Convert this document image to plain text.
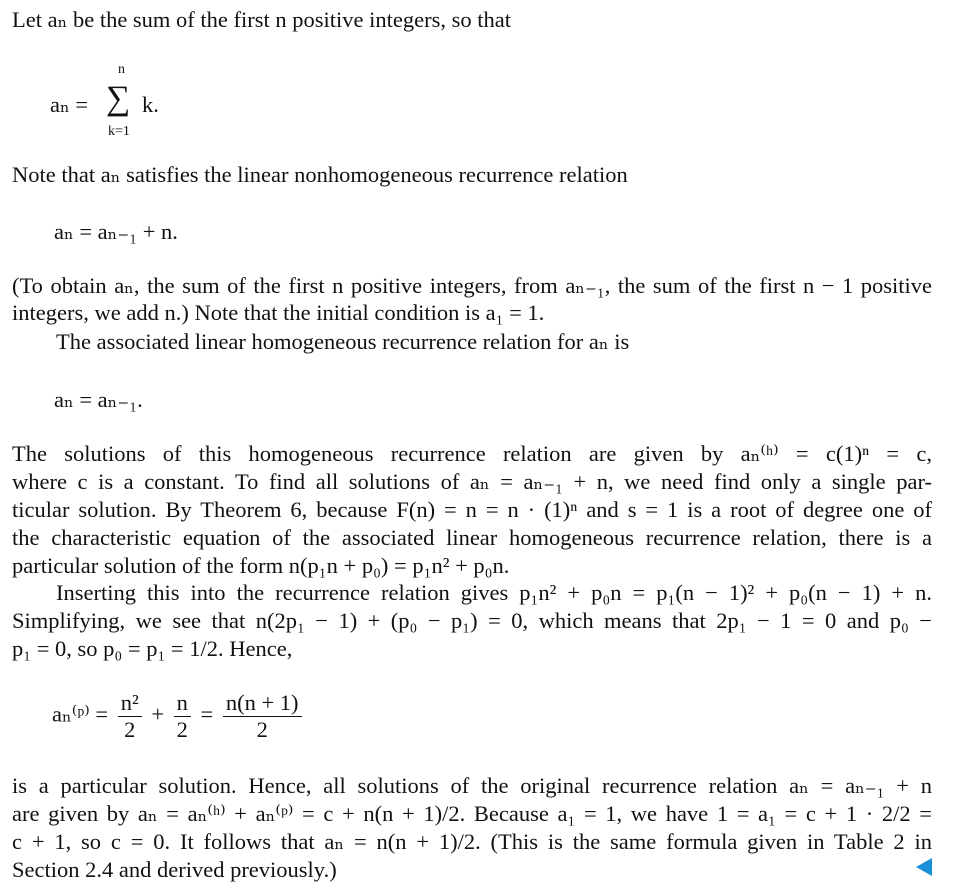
Let aₙ be the sum of the first n positive integers, so that
aₙ =
n
∑ k.
k=1
Note that aₙ satisfies the linear nonhomogeneous recurrence relation
aₙ = aₙ₋₁ + n.
(To obtain aₙ, the sum of the first n positive integers, from aₙ₋₁, the sum of the first n − 1 positive
integers, we add n.) Note that the initial condition is a₁ = 1.
The associated linear homogeneous recurrence relation for aₙ is
aₙ = aₙ₋₁.
The solutions of this homogeneous recurrence relation are given by aₙ⁽ʰ⁾ = c(1)ⁿ = c,
where c is a constant. To find all solutions of aₙ = aₙ₋₁ + n, we need find only a single par-
ticular solution. By Theorem 6, because F(n) = n = n · (1)ⁿ and s = 1 is a root of degree one of
the characteristic equation of the associated linear homogeneous recurrence relation, there is a
particular solution of the form n(p₁n + p₀) = p₁n² + p₀n.
Inserting this into the recurrence relation gives p₁n² + p₀n = p₁(n − 1)² + p₀(n − 1) + n.
Simplifying, we see that n(2p₁ − 1) + (p₀ − p₁) = 0, which means that 2p₁ − 1 = 0 and p₀ −
p₁ = 0, so p₀ = p₁ = 1/2. Hence,
aₙ⁽ᵖ⁾ = $\frac{\text{n²}}{2} + \frac{n}{2} = \frac{n(n + 1)}{2}$
is a particular solution. Hence, all solutions of the original recurrence relation aₙ = aₙ₋₁ + n
are given by aₙ = aₙ⁽ʰ⁾ + aₙ⁽ᵖ⁾ = c + n(n + 1)/2. Because a₁ = 1, we have 1 = a₁ = c + 1 · 2/2 =
c + 1, so c = 0. It follows that aₙ = n(n + 1)/2. (This is the same formula given in Table 2 in
Section 2.4 and derived previously.)
